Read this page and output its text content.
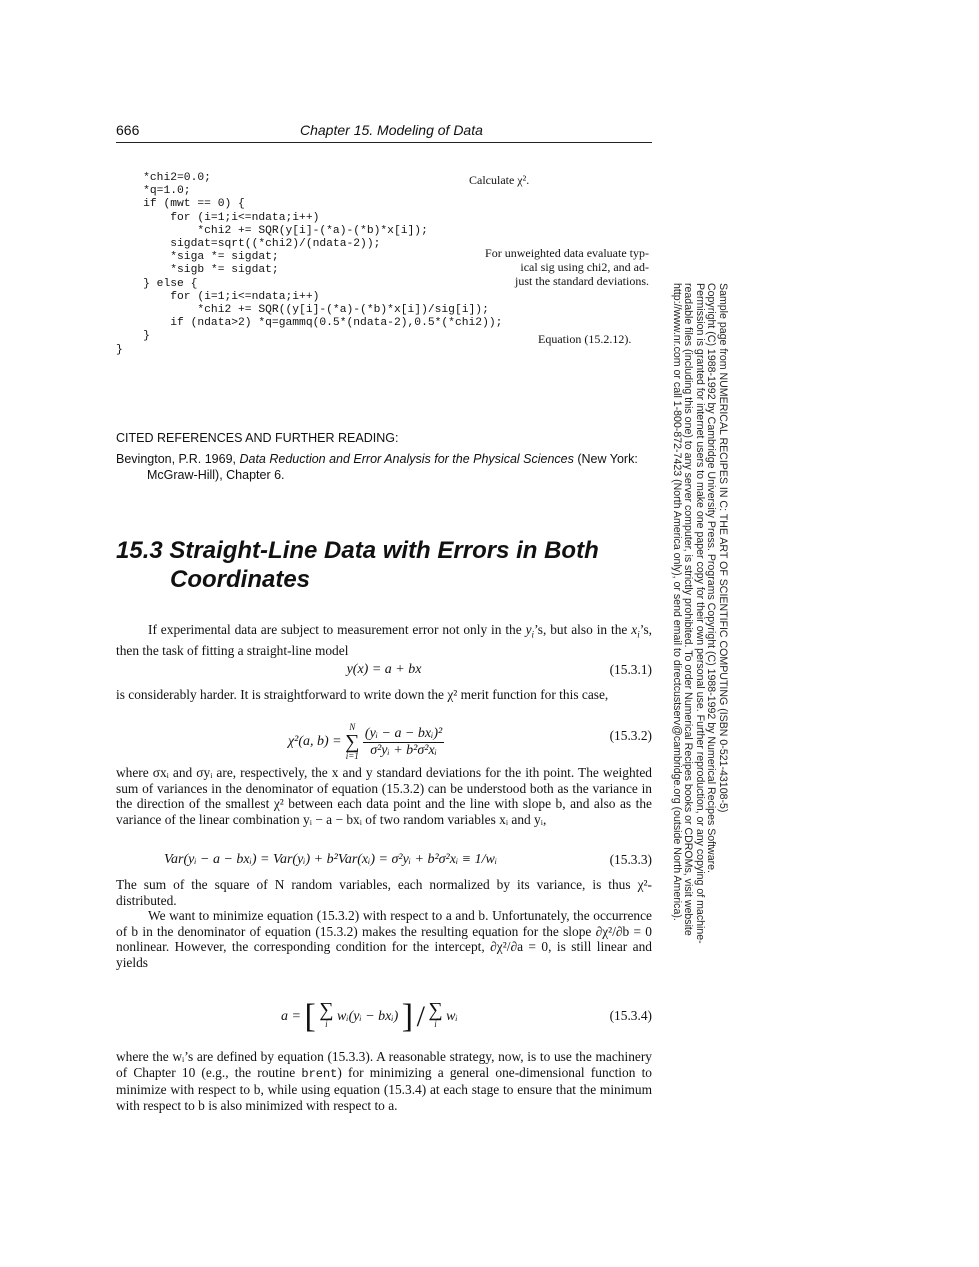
666	Chapter 15. Modeling of Data
*chi2=0.0;
*q=1.0;
if (mwt == 0) {
for (i=1;i<=ndata;i++)
*chi2 += SQR(y[i]-(*a)-(*b)*x[i]);
sigdat=sqrt((*chi2)/(ndata-2));
*siga *= sigdat;
*sigb *= sigdat;
} else {
for (i=1;i<=ndata;i++)
*chi2 += SQR((y[i]-(*a)-(*b)*x[i])/sig[i]);
if (ndata>2) *q=gammq(0.5*(ndata-2),0.5*(*chi2));
}
}
Calculate χ².
For unweighted data evaluate typ-
ical sig using chi2, and ad-
just the standard deviations.
Equation (15.2.12).
CITED REFERENCES AND FURTHER READING:
Bevington, P.R. 1969, Data Reduction and Error Analysis for the Physical Sciences (New York:
McGraw-Hill), Chapter 6.
15.3 Straight-Line Data with Errors in Both
Coordinates
If experimental data are subject to measurement error not only in the $y_i’s$, but also in the $x_i’s$, then the task of fitting a straight-line model
y(x) = a + bx	(15.3.1)
is considerably harder. It is straightforward to write down the χ² merit function for this case,
χ²(a, b) =
N
∑
i=1
$\frac{\text{(yᵢ − a − bxᵢ)²}}{\text{σ²yᵢ + b²σ²xᵢ}}$	(15.3.2)
where σxᵢ and σyᵢ are, respectively, the x and y standard deviations for the ith point. The weighted sum of variances in the denominator of equation (15.3.2) can be understood both as the variance in the direction of the smallest χ² between each data point and the line with slope b, and also as the variance of the linear combination yᵢ − a − bxᵢ of two random variables xᵢ and yᵢ,
Var(yᵢ − a − bxᵢ) = Var(yᵢ) + b²Var(xᵢ) = σ²yᵢ + b²σ²xᵢ ≡ 1/wᵢ	(15.3.3)
The sum of the square of N random variables, each normalized by its variance, is thus χ²-distributed.
We want to minimize equation (15.3.2) with respect to a and b. Unfortunately, the occurrence of b in the denominator of equation (15.3.2) makes the resulting equation for the slope ∂χ²/∂b = 0 nonlinear. However, the corresponding condition for the intercept, ∂χ²/∂a = 0, is still linear and yields
a = [ ∑
i wᵢ(yᵢ − bxᵢ) ] / ∑
i wᵢ	(15.3.4)
where the wᵢ’s are defined by equation (15.3.3). A reasonable strategy, now, is to use the machinery of Chapter 10 (e.g., the routine brent) for minimizing a general one-dimensional function to minimize with respect to b, while using equation (15.3.4) at each stage to ensure that the minimum with respect to b is also minimized with respect to a.
Sample page from NUMERICAL RECIPES IN C: THE ART OF SCIENTIFIC COMPUTING (ISBN 0-521-43108-5)
Copyright (C) 1988-1992 by Cambridge University Press. Programs Copyright (C) 1988-1992 by Numerical Recipes Software.
Permission is granted for internet users to make one paper copy for their own personal use. Further reproduction, or any copying of machine-
readable files (including this one) to any server computer, is strictly prohibited. To order Numerical Recipes books or CDROMs, visit website
http://www.nr.com or call 1-800-872-7423 (North America only), or send email to directcustserv@cambridge.org (outside North America).
